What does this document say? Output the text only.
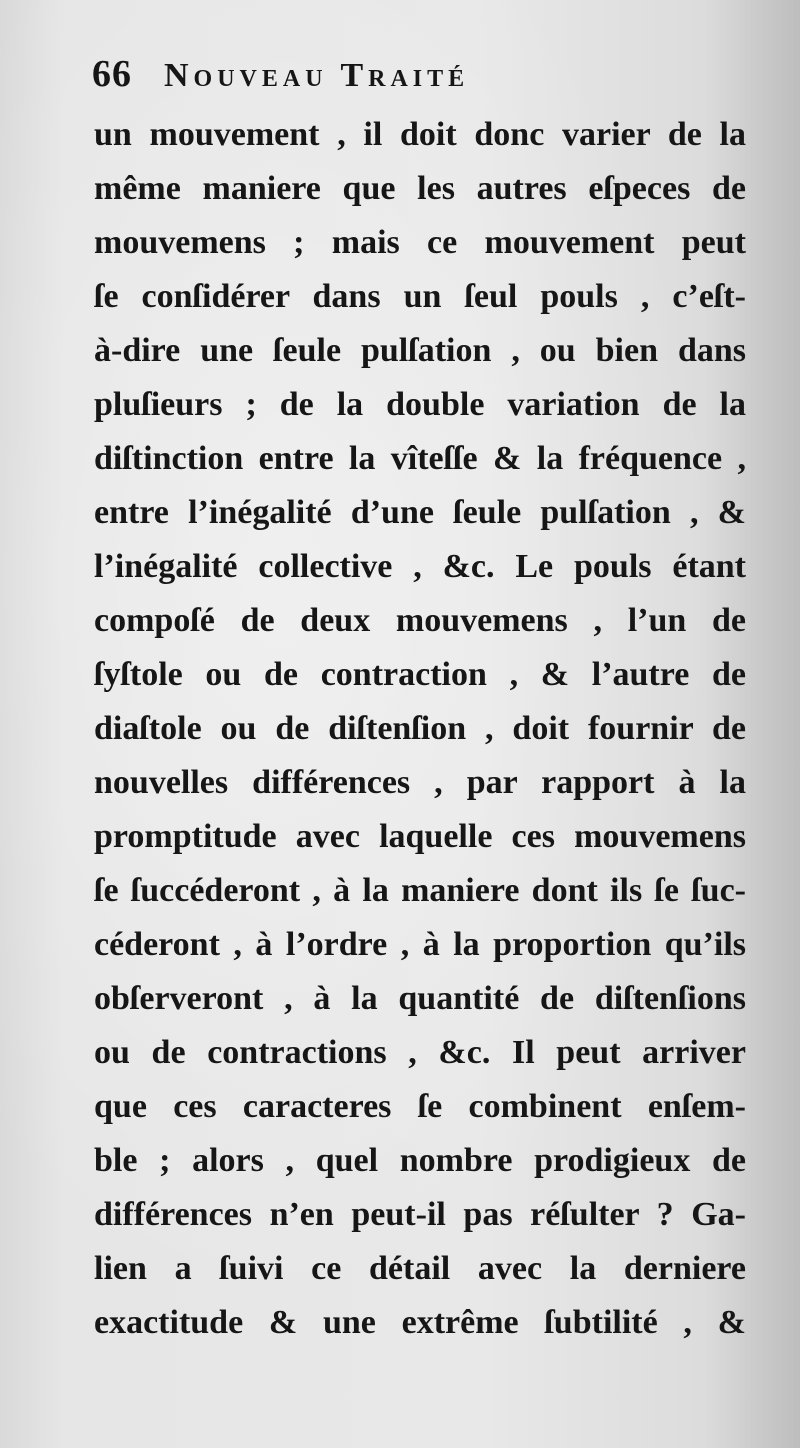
66 Nouveau Traité
un mouvement , il doit donc varier de la
même maniere que les autres eſpeces de
mouvemens ; mais ce mouvement peut
ſe conſidérer dans un ſeul pouls , c’eſt-
à-dire une ſeule pulſation , ou bien dans
pluſieurs ; de la double variation de la
diſtinction entre la vîteſſe & la fréquence ,
entre l’inégalité d’une ſeule pulſation , &
l’inégalité collective , &c. Le pouls étant
compoſé de deux mouvemens , l’un de
ſyſtole ou de contraction , & l’autre de
diaſtole ou de diſtenſion , doit fournir de
nouvelles différences , par rapport à la
promptitude avec laquelle ces mouvemens
ſe ſuccéderont , à la maniere dont ils ſe ſuc-
céderont , à l’ordre , à la proportion qu’ils
obſerveront , à la quantité de diſtenſions
ou de contractions , &c. Il peut arriver
que ces caracteres ſe combinent enſem-
ble ; alors , quel nombre prodigieux de
différences n’en peut-il pas réſulter ? Ga-
lien a ſuivi ce détail avec la derniere
exactitude & une extrême ſubtilité , &
